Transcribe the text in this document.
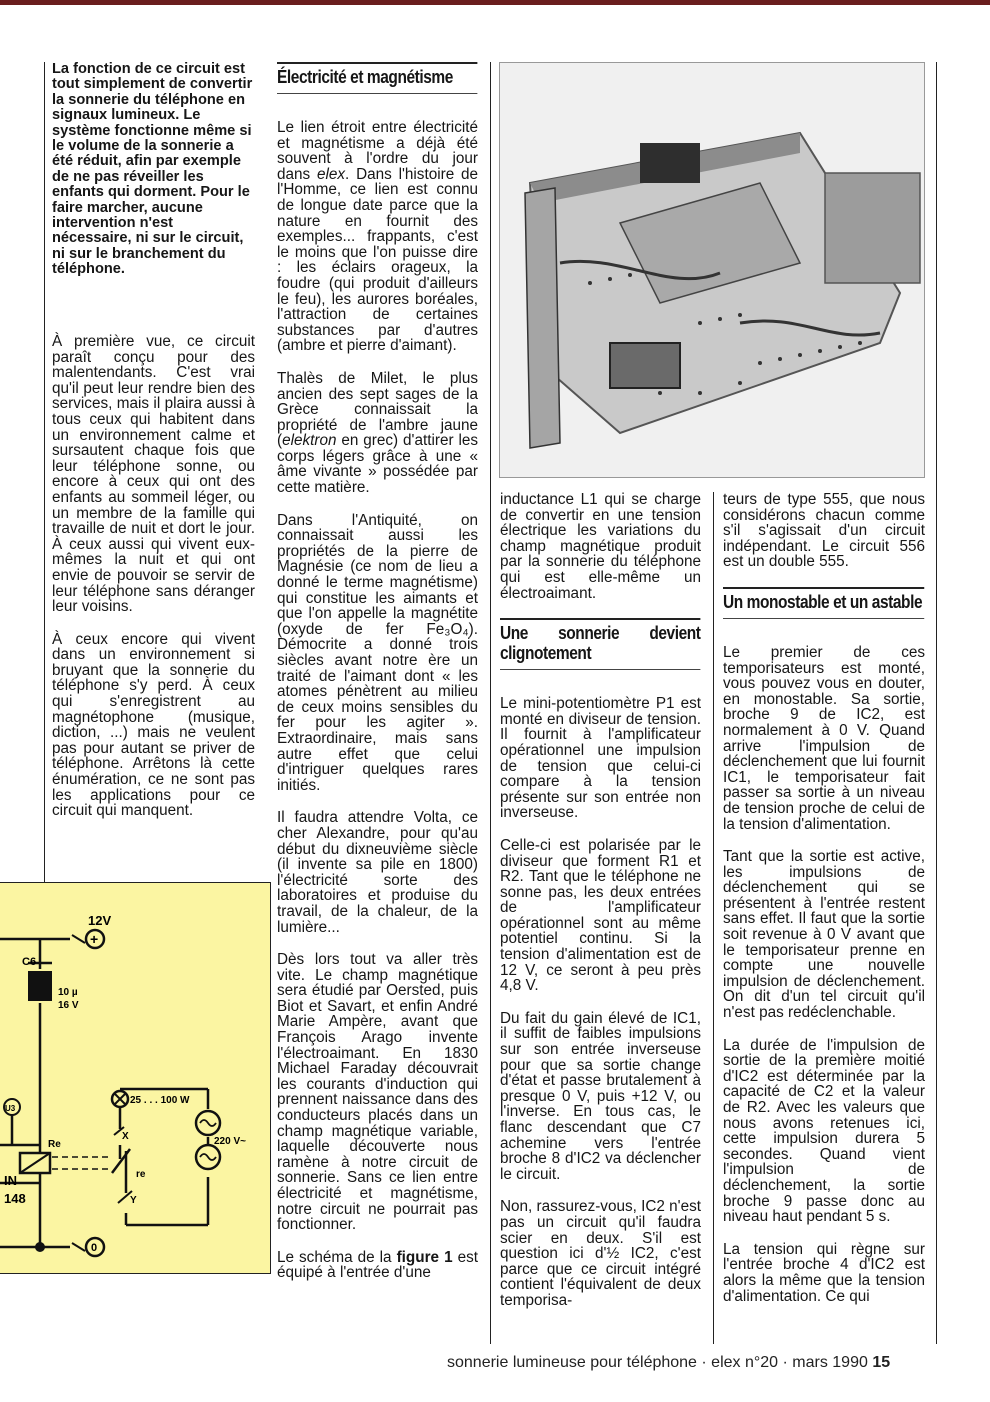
La fonction de ce circuit est tout simplement de convertir la sonnerie du téléphone en signaux lumineux. Le système fonctionne même si le volume de la sonnerie a été réduit, afin par exemple de ne pas réveiller les enfants qui dorment. Pour le faire marcher, aucune intervention n'est nécessaire, ni sur le circuit, ni sur le branchement du téléphone.

À première vue, ce circuit paraît conçu pour des malentendants. C'est vrai qu'il peut leur rendre bien des services, mais il plaira aussi à tous ceux qui habitent dans un environnement calme et sursautent chaque fois que leur téléphone sonne, ou encore à ceux qui ont des enfants au sommeil léger, ou un membre de la famille qui travaille de nuit et dort le jour. À ceux aussi qui vivent eux-mêmes la nuit et qui ont envie de pouvoir se servir de leur téléphone sans déranger leur voisins.

À ceux encore qui vivent dans un environnement si bruyant que la sonnerie du téléphone s'y perd. À ceux qui s'enregistrent au magnétophone (musique, diction, ...) mais ne veulent pas pour autant se priver de téléphone. Arrêtons là cette énumération, ce ne sont pas les applications pour ce circuit qui manquent.

+
12V
C6
10 µ
16 V
U3
25 . . . 100 W
220 V~
Re
X
re
Y
IN
148
0
Électricité et magnétisme

Le lien étroit entre électricité et magnétisme a déjà été souvent à l'ordre du jour dans elex. Dans l'histoire de l'Homme, ce lien est connu de longue date parce que la nature en fournit des exemples... frappants, c'est le moins que l'on puisse dire : les éclairs orageux, la foudre (qui produit d'ailleurs le feu), les aurores boréales, l'attraction de certaines substances par d'autres (ambre et pierre d'aimant).

Thalès de Milet, le plus ancien des sept sages de la Grèce connaissait la propriété de l'ambre jaune (elektron en grec) d'attirer les corps légers grâce à une « âme vivante » possédée par cette matière.

Dans l'Antiquité, on connaissait aussi les propriétés de la pierre de Magnésie (ce nom de lieu a donné le terme magnétisme) qui constitue les aimants et que l'on appelle la magnétite (oxyde de fer Fe₃O₄). Démocrite a donné trois siècles avant notre ère un traité de l'aimant dont « les atomes pénètrent au milieu de ceux moins sensibles du fer pour les agiter ». Extraordinaire, mais sans autre effet que celui d'intriguer quelques rares initiés.

Il faudra attendre Volta, ce cher Alexandre, pour qu'au début du dixneuvième siècle (il invente sa pile en 1800) l'électricité sorte des laboratoires et produise du travail, de la chaleur, de la lumière...

Dès lors tout va aller très vite. Le champ magnétique sera étudié par Oersted, puis Biot et Savart, et enfin André Marie Ampère, avant que François Arago invente l'électroaimant. En 1830 Michael Faraday découvrait les courants d'induction qui prennent naissance dans des conducteurs placés dans un champ magnétique variable, laquelle découverte nous ramène à notre circuit de sonnerie. Sans ce lien entre électricité et magnétisme, notre circuit ne pourrait pas fonctionner.

Le schéma de la figure 1 est équipé à l'entrée d'une

inductance L1 qui se charge de convertir en une tension électrique les variations du champ magnétique produit par la sonnerie du téléphone qui est elle-même un électroaimant.

Une sonnerie devient clignotement

Le mini-potentiomètre P1 est monté en diviseur de tension. Il fournit à l'amplificateur opérationnel une impulsion de tension que celui-ci compare à la tension présente sur son entrée non inverseuse.

Celle-ci est polarisée par le diviseur que forment R1 et R2. Tant que le téléphone ne sonne pas, les deux entrées de l'amplificateur opérationnel sont au même potentiel continu. Si la tension d'alimentation est de 12 V, ce seront à peu près 4,8 V.

Du fait du gain élevé de IC1, il suffit de faibles impulsions sur son entrée inverseuse pour que sa sortie change d'état et passe brutalement à presque 0 V, puis +12 V, ou l'inverse. En tous cas, le flanc descendant que C7 achemine vers l'entrée broche 8 d'IC2 va déclencher le circuit.

Non, rassurez-vous, IC2 n'est pas un circuit qu'il faudra scier en deux. S'il est question ici d'½ IC2, c'est parce que ce circuit intégré contient l'équivalent de deux temporisa-

teurs de type 555, que nous considérons chacun comme s'il s'agissait d'un circuit indépendant. Le circuit 556 est un double 555.

Un monostable et un astable

Le premier de ces temporisateurs est monté, vous pouvez vous en douter, en monostable. Sa sortie, broche 9 de IC2, est normalement à 0 V. Quand arrive l'impulsion de déclenchement que lui fournit IC1, le temporisateur fait passer sa sortie à un niveau de tension proche de celui de la tension d'alimentation.

Tant que la sortie est active, les impulsions de déclenchement qui se présentent à l'entrée restent sans effet. Il faut que la sortie soit revenue à 0 V avant que le temporisateur prenne en compte une nouvelle impulsion de déclenchement. On dit d'un tel circuit qu'il n'est pas redéclenchable.

La durée de l'impulsion de sortie de la première moitié d'IC2 est déterminée par la capacité de C2 et la valeur de R2. Avec les valeurs que nous avons retenues ici, cette impulsion durera 5 secondes. Quand vient l'impulsion de déclenchement, la sortie broche 9 passe donc au niveau haut pendant 5 s.

La tension qui règne sur l'entrée broche 4 d'IC2 est alors la même que la tension d'alimentation. Ce qui

sonnerie lumineuse pour téléphone · elex n°20 · mars 1990 15
